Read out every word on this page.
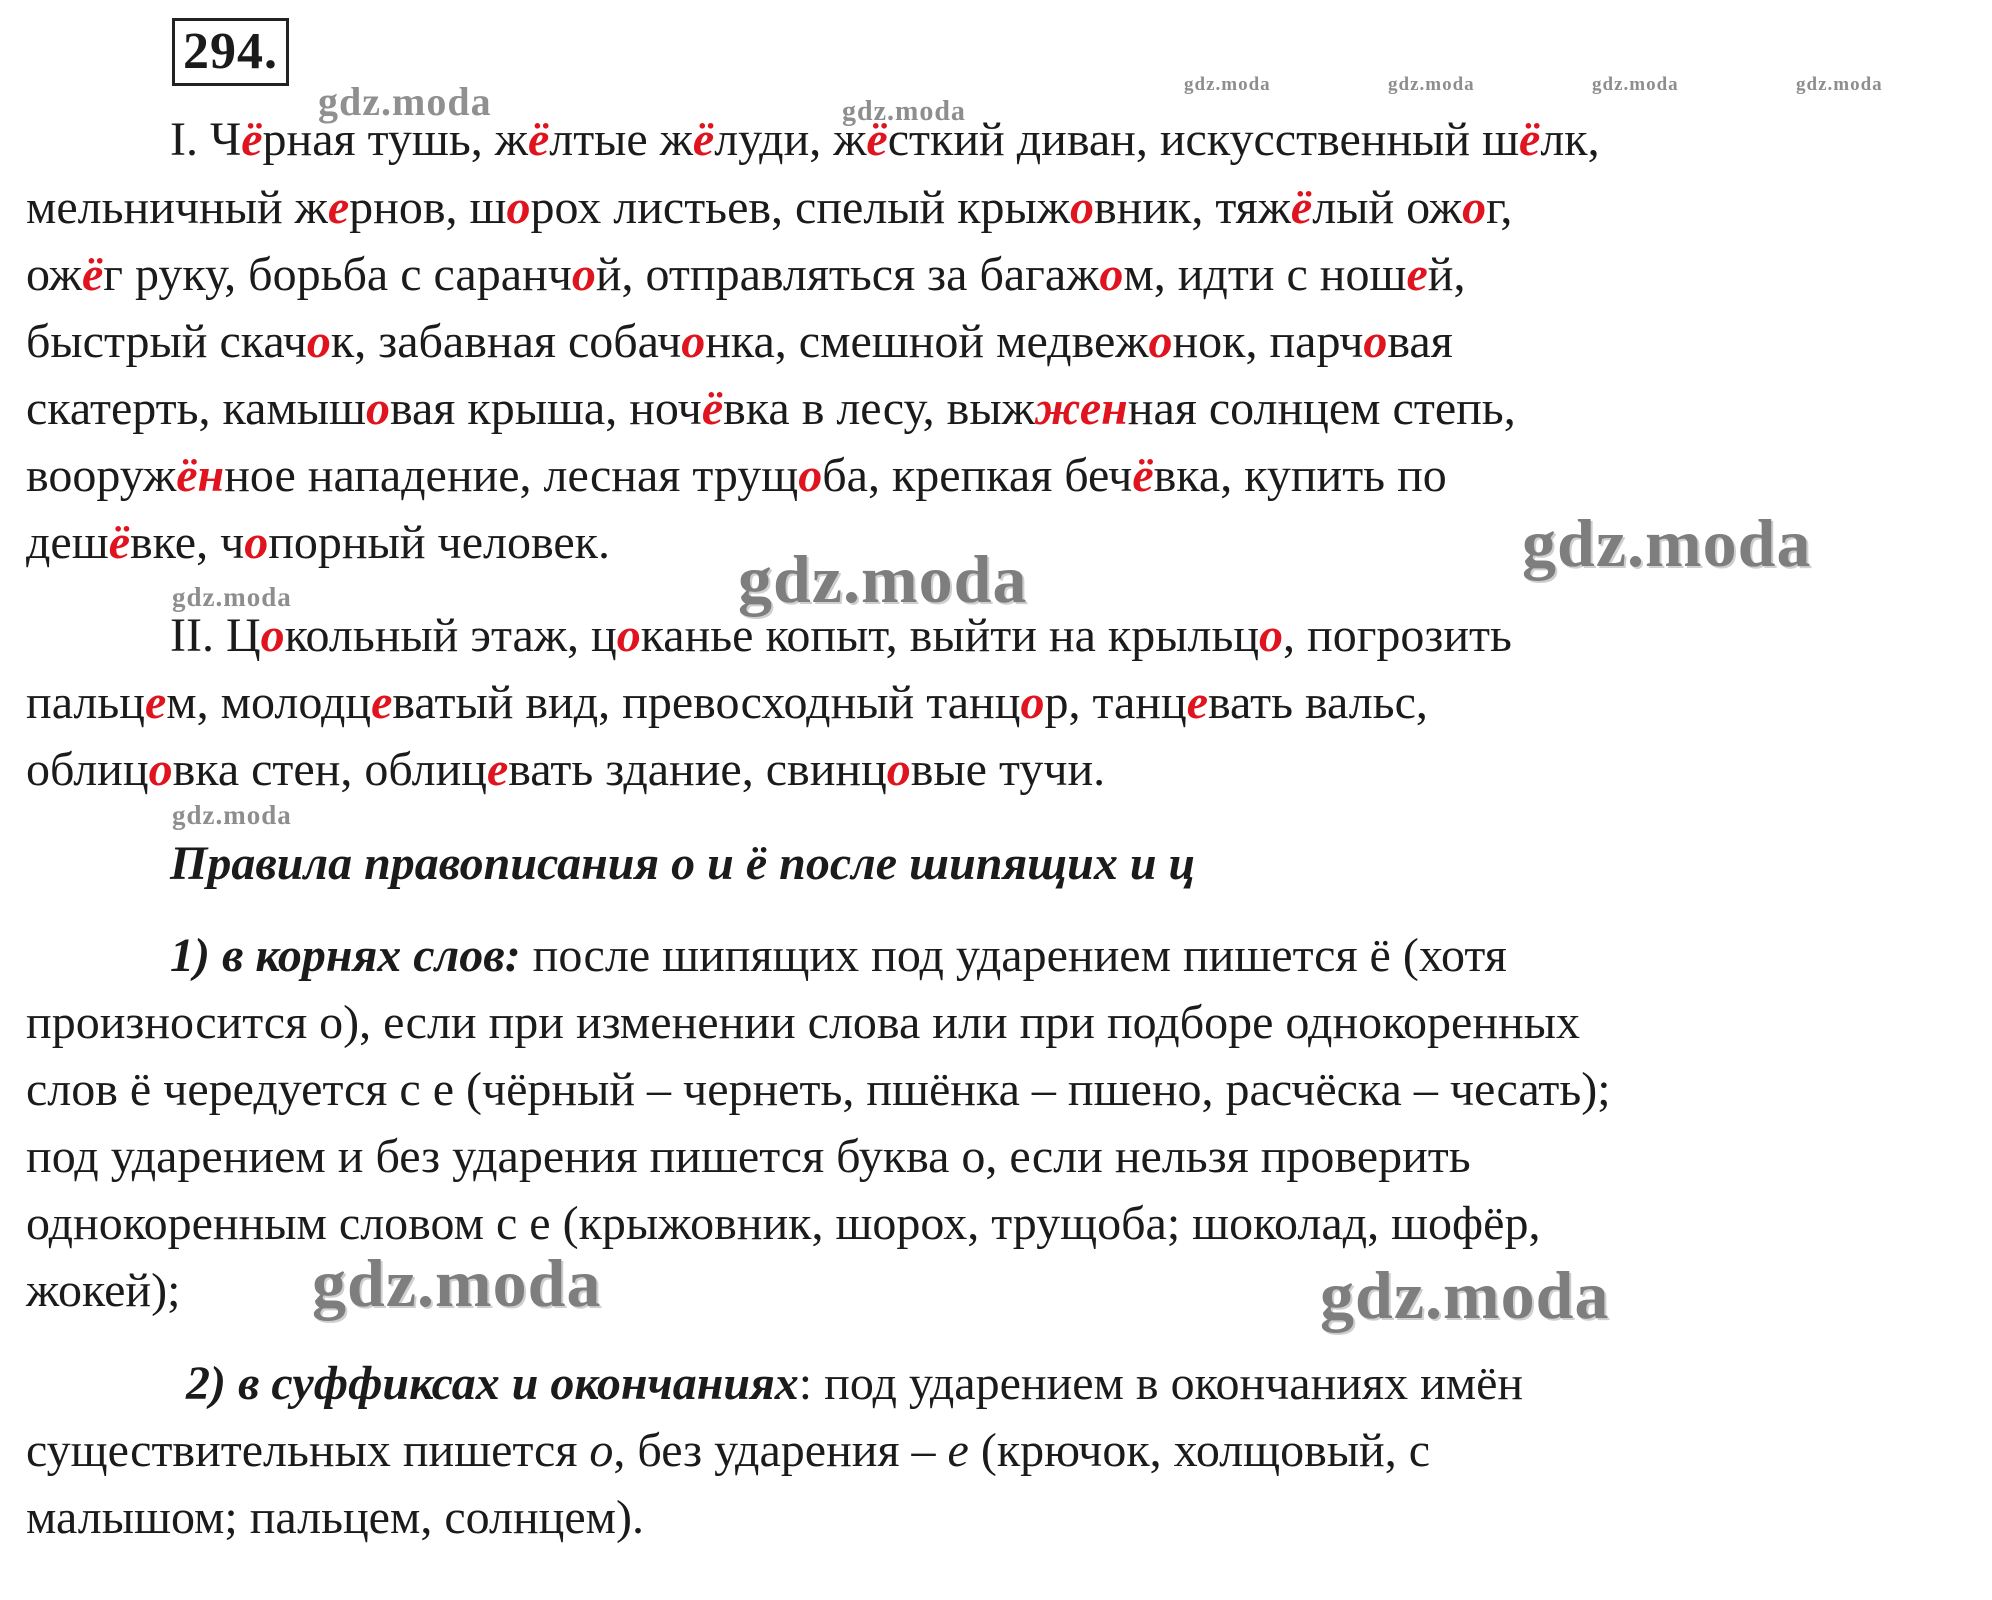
gdz.moda	gdz.moda
gdz.moda	gdz.moda	gdz.moda	gdz.moda
gdz.moda
gdz.moda
gdz.moda
gdz.moda
gdz.moda	gdz.moda
294.
I. Чёрная тушь, жёлтые жёлуди, жёсткий диван, искусственный шёлк,
мельничный жернов, шорох листьев, спелый крыжовник, тяжёлый ожог,
ожёг руку, борьба с саранчой, отправляться за багажом, идти с ношей,
быстрый скачок, забавная собачонка, смешной медвежонок, парчовая
скатерть, камышовая крыша, ночёвка в лесу, выжженная солнцем степь,
вооружённое нападение, лесная трущоба, крепкая бечёвка, купить по
дешёвке, чопорный человек.
II. Цокольный этаж, цоканье копыт, выйти на крыльцо, погрозить
пальцем, молодцеватый вид, превосходный танцор, танцевать вальс,
облицовка стен, облицевать здание, свинцовые тучи.
Правила правописания о и ё после шипящих и ц
1) в корнях слов: после шипящих под ударением пишется ё (хотя
произносится о), если при изменении слова или при подборе однокоренных
слов ё чередуется с е (чёрный – чернеть, пшёнка – пшено, расчёска – чесать);
под ударением и без ударения пишется буква о, если нельзя проверить
однокоренным словом с е (крыжовник, шорох, трущоба; шоколад, шофёр,
жокей);
2) в суффиксах и окончаниях: под ударением в окончаниях имён
существительных пишется о, без ударения – е (крючок, холщовый, с
малышом; пальцем, солнцем).
